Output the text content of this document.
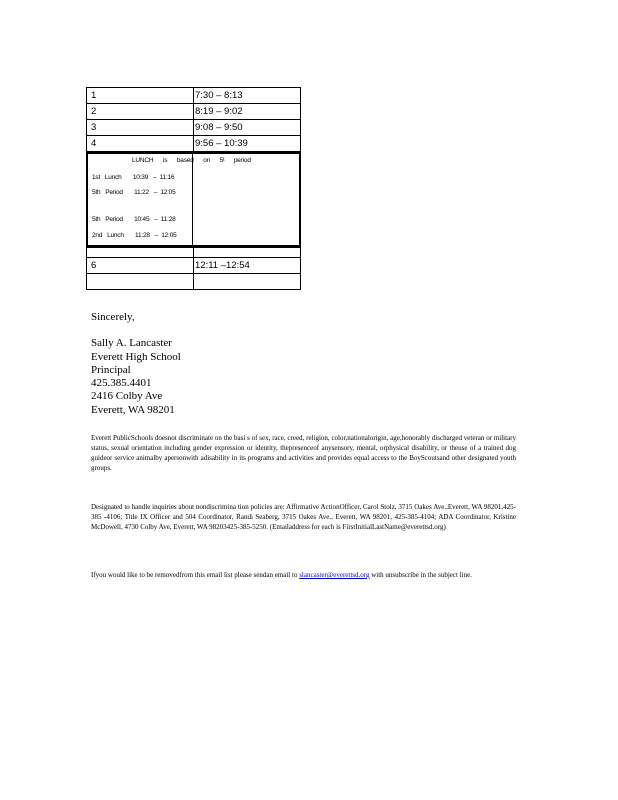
1	7:30 – 8:13
2	8:19 – 9:02
3	9:08 – 9:50
4	9:56 – 10:39
LUNCH is based on 5$^t$ period
1st   Lunch 10:39   –  11:16
5th   Period 11:22   –  12:05
5th   Period 10:45   –  11:28
2nd   Lunch 11:28   –  12:05

6	12:11 –12:54

Sincerely,
Sally A. Lancaster
Everett High School
Principal
425.385.4401
2416 Colby Ave
Everett, WA 98201

Everett PublicSchools doesnot discriminate on the basi s of sex, race, creed, religion, color,nationalorigin, age,honorably discharged veteran or military status, sexual orientation including gender expression or identity, thepresenceof anysensory, mental, orphysical disability, or theuse of a trained dog guideor service animalby apersonwith adisability in its programs and activities and provides equal access to the BoyScoutsand other designated youth groups.

Designated to handle inquiries about nondiscrimina tion policies are: Affirmative ActionOfficer, Carol Stolz, 3715 Oakes Ave.,Everett, WA 98201,425-385 -4106; Title IX Officer and 504 Coordinator, Randi Seaberg, 3715 Oakes Ave., Everett, WA 98201, 425-385-4104; ADA Coordinator, Kristine McDowell, 4730 Colby Ave, Everett, WA 98203425-385-5250. (Emailaddress for each is FirstInitialLastName@everettsd.org)

Ifyou would like to be removedfrom this email list please sendan email to slancaster@everettsd.org with unsubscribe in the subject line.
